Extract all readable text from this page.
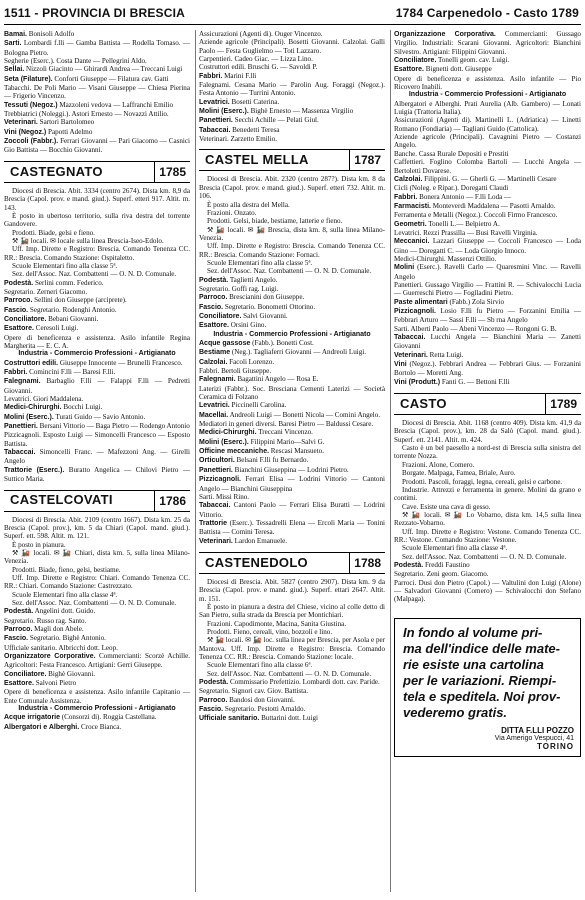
1511 - PROVINCIA DI BRESCIA	1784 Carpenedolo - Casto 1789

Bamai. Bonisoli Adolfo

Sarti. Lombardi f.lli — Gamba Battista — Rodella Tomaso. — Bologna Pietro.

Segherie (Eserc.). Costa Dante — Pellegrini Aldo.

Sellai. Nizzoli Giacinto — Ghirardi Andrea — Treccani Luigi

Seta (Filature). Conforti Giuseppe — Filatura cav. Gatti

Tabacchi. De Poli Mario — Visani Giuseppe — Chiesa Pierina — Frigerio Vincenzo.

Tessuti (Negoz.) Mazzoleni vedova — Laffranchi Emilio

Trebbiatrici (Noleggi.). Astori Ernesto — Novazzi Attilio.

Veterinari. Sartori Bartolomeo

Vini (Negoz.) Papotti Adelmo

Zoccoli (Fabbr.). Ferrari Giovanni — Pari Giacomo — Casnici Gio Battista — Bocchio Giovanni.

CASTEGNATO	1785

Diocesi di Brescia. Abit. 3334 (centro 2674). Dista km. 8,9 da Brescia (Capol. prov. e mand. giud.). Superf. etteri 917. Altit. m. 143.

È posto in ubertoso territorio, sulla riva destra del torrente Gandovere.

Prodotti. Biade, gelsi e fieno.

⚒ 🚂 locali. ✉ locale sulla linea Brescia-Iseo-Edolo.

Uff. Imp. Dirette e Registro: Brescia. Comando Tenenza CC. RR.: Brescia. Comando Stazione: Ospitaletto.

Scuole Elementari fino alla classe 5ª.

Sez. dell'Assoc. Naz. Combattenti — O. N. D. Comunale.

Podestà. Serlini comm. Federico.

Segretario. Zerneri Giacomo.

Parroco. Sellini don Giuseppe (arciprete).

Fascio. Segretario. Rodenghi Antonio.

Conciliatore. Bebani Giovanni.

Esattore. Ceresoli Luigi.

Opere di beneficenza e assistenza. Asilo infantile Regina Margherita — E. C. A.

Industria - Commercio Professioni - Artigianato

Costruttori edili. Giuseppe Innocente — Brunelli Francesco.

Fabbri. Comincini F.lli — Baresi F.lli.

Falegnami. Barbaglio F.lli — Falappi F.lli — Pedretti Giovanni.

Levatrici. Giori Maddalena.

Medici-Chirurghi. Bocchi Luigi.

Molini (Eserc.). Turati Guido — Savio Antonio.

Panettieri. Bersani Vittorio — Baga Pietro — Rodengo Antonio

Pizzicagnoli. Esposto Luigi — Simoncelli Francesco — Esposto Battista.

Tabaccai. Simoncelli Franc. — Mafezzoni Ang. — Girelli Angelo

Trattorie (Eserc.). Buratto Angelica — Chilovi Pietro — Suttico Maria.

CASTELCOVATI	1786

Diocesi di Brescia. Abit. 2109 (centro 1667). Dista km. 25 da Brescia (Capol. prov.), km. 5 da Chiari (Capol. mand. giud.). Superf. ett. 598. Altit. m. 121.

È posto in pianura.

⚒ 🚂 locali. ✉ 🚂 Chiari, dista km. 5, sulla linea Milano-Venezia.

Prodotti. Biade, fieno, gelsi, bestiame.

Uff. Imp. Dirette e Registro: Chiari. Comando Tenenza CC. RR.: Chiari. Comando Stazione: Castrezzato.

Scuole Elementari fino alla classe 4ª.

Sez. dell'Assoc. Naz. Combattenti — O. N. D. Comunale.

Podestà. Angelini dott. Guido.

Segretario. Russo rag. Santo.

Parroco. Magli don Abele.

Fascio. Segretario. Bighè Antonio.

Ufficiale sanitario. Albricchi dott. Leop.

Organizzatore Corporative. Commercianti: Scorzè Achille. Agricoltori: Festa Francesco. Artigiani: Gerri Giuseppe.

Conciliatore. Bighè Giovanni.

Esattore. Salvoni Pietro

Opere di beneficenza e assistenza. Asilo infantile Capitanio — Ente Comunale Assistenza.

Industria - Commercio Professioni - Artigianato

Acque irrigatorie (Consorzi di). Roggia Castellana.

Albergatori e Alberghi. Croce Bianca.

Assicurazioni (Agenti di). Ouger Vincenzo.

Aziende agricole (Principali). Bosetti Giovanni. Calzolai. Galli Paolo — Festa Guglielmo — Toti Lazzaro.

Carpentieri. Cadeo Giac. — Lizza Lino.

Costruttori edili. Bruschi G. — Savoldi P.

Fabbri. Marini F.lli

Falegnami. Cesana Mario — Parolin Aug. Foraggi (Negoz.). Festa Antonio — Turrini Antonio.

Levatrici. Bosetti Caterina.

Molini (Eserc.). Bighè Ernesto — Massenza Virgilio

Panettieri. Secchi Achille — Pelati Giul.

Tabaccai. Benedetti Teresa

Veterinari. Zarzetto Emilio.

CASTEL MELLA	1787

Diocesi di Brescia. Abit. 2320 (centro 287?). Dista km. 8 da Brescia (Capol. prov. e mand. giud.). Superf. etteri 732. Altit. m. 106.

È posto alla destra del Mella.

Frazioni. Onzato.

Prodotti. Gelsi, biade, bestiame, latterie e fieno.

⚒ 🚂 locali. ✉ 🚂 Brescia, dista km. 8, sulla linea Milano-Venezia.

Uff. Imp. Dirette e Registro: Brescia. Comando Tenenza CC. RR.: Brescia. Comando Stazione: Fornaci.

Scuole Elementari fino alla classe 5ª.

Sez. dell'Assoc. Naz. Combattenti — O. N. D. Comunale.

Podestà. Taglietti Angelo.

Segretario. Goffi rag. Luigi.

Parroco. Brescianini don Giuseppe.

Fascio. Segretario. Bonometti Ottorino.

Conciliatore. Salvi Giovanni.

Esattore. Orsini Gino.

Industria - Commercio Professioni - Artigianato

Acque gassose (Fabb.). Bonetti Cost.

Bestiame (Neg.). Tagliaferri Giovanni — Andreoli Luigi.

Calzolai. Facoli Lorenzo.

Fabbri. Bertoli Giuseppe.

Falegnami. Bagattini Angelo — Rosa E.

Laterizi (Fabbr.). Soc. Bresciana Cementi Laterizi — Società Ceramica di Folzano

Levatrici. Piccinelli Carolina.

Macellai. Andreoli Luigi — Bonetti Nicola — Comini Angelo.

Mediatori in generi diversi. Baresi Pietro — Baldussi Cesare.

Medici-Chirurghi. Treccani Vincenzo.

Molini (Eserc.). Filippini Mario—Salvi G.

Officine meccaniche. Rescasi Mansueto.

Orticultori. Belsani F.lli fu Bernardo.

Panettieri. Bianchini Giuseppina — Lodrini Pietro.

Pizzicagnoli. Ferrari Elisa — Lodrini Vittorio — Cantoni Angelo — Bianchini Giuseppina

Sarti. Missi Rino.

Tabaccai. Cantoni Paolo — Ferrari Elisa Buratti — Lodrini Vittorio.

Trattorie (Eserc.). Tessadrelli Elena — Ercoli Maria — Tonini Battista — Comini Teresa.

Veterinari. Lardon Emanuele.

CASTENEDOLO	1788

Diocesi di Brescia. Abit. 5827 (centro 2907). Dista km. 9 da Brescia (Capol. prov. e mand. giud.). Superf. ettari 2647. Altit. m. 151.

È posto in pianura a destra del Chiese, vicino al colle detto di San Pietro, sulla strada da Brescia per Montichiari.

Frazioni. Capodimonte, Macina, Sanita Giustina.

Prodotti. Fieno, cereali, vino, bozzoli e lino.

⚒ 🚂 locali. ✉ 🚂 loc. sulla linea per Brescia, per Asola e per Mantova. Uff. Imp. Dirette e Registro: Brescia. Comando Tenenza CC. RR.: Brescia. Comando Stazione: locale.

Scuole Elementari fino alla classe 6ª.

Sez. dell'Assoc. Naz. Combattenti — O. N. D. Comunale.

Podestà. Commissario Prefettizio. Lombardi dott. cav. Paride.

Segretario. Signori cav. Giov. Battista.

Parroco. Bandosi don Giovanni.

Fascio. Segretario. Pestotti Arnaldo.

Ufficiale sanitario. Buttarini dott. Luigi

Organizzazione Corporativa. Commercianti: Gussago Virgilio. Industriali: Scarani Giovanni. Agricoltori: Bianchini Silvestro. Artigiani: Filippini Giovanni.

Conciliatore. Tonelli geom. cav. Luigi.

Esattore. Bignetti dott. Giuseppe

Opere di beneficenza e assistenza. Asilo infantile — Pio Ricovero Inabili.

Industria - Commercio Professioni - Artigianato

Albergatori e Alberghi. Prati Aurelia (Alb. Gambero) — Lonati Luigia (Trattoria Italia).

Assicurazioni (Agenti di). Martinelli L. (Adriatica) — Linetti Romano (Fondiaria) — Tagliani Guido (Cattolica).

Aziende agricole (Principali). Cavagnini Pietro — Costanzi Angelo.

Banche. Cassa Rurale Depositi e Prestiti

Caffettieri. Foglino Colomba Bartoli — Lucchi Angela — Bertoletti Dovarese.

Calzolai. Filippini. G. — Gherli G. — Martinelli Cesare

Cicli (Noleg. e Ripar.). Doregatti Claudi

Fabbri. Bonera Antonio — F.lli Loda —

Farmacisti. Monteverdi Maddalena — Pasotti Arnaldo.

Ferramenta e Metalli (Negoz.). Coccoli Firmo Francesco.

Geometri. Tonelli L.— Belpietro A.

Levatrici. Rezzi Prassilla — Busi Ravelli Virginia.

Meccanici. Lazzari Giuseppe — Coccoli Francesco — Loda Gino — Doregatti C. — Loda Giorgio Innoco.

Medici-Chirurghi. Massenzi Ottilio.

Molini (Eserc.). Ravelli Carlo — Quaresmini Vinc. — Ravelli Angelo

Panettieri. Gussago Virgilio — Frattini R. — Schivalocchi Lucia — Guerreschi Pietro — Foglladini Pietro.

Paste alimentari (Fabb.) Zola Sirvio

Pizzicagnoli. Losio F.lli fu Pietro — Forzanini Emilia — Febbrari Arturo — Sassi F.lli — Sb rna Angelo

Sarti. Alberti Paolo — Abeni Vincenzo — Rongoni G. B.

Tabaccai. Lucchi Angela — Bianchini Maria — Zanetti Giovanni

Veterinari. Retta Luigi.

Vini (Negoz.). Febbrari Andrea — Febbrari Gius. — Forzanini Bortolo — Moretti Ang.

Vini (Produtt.) Fanti G. — Bettoni F.lli

CASTO	1789

Diocesi di Brescia. Abit. 1168 (centro 409). Dista km. 41,9 da Brescia (Capol. prov.), km. 28 da Salò (Capol. mand. giud.). Superf. ett. 2141. Altit. m. 424.

Casto è un bel paesello a nord-est di Brescia sulla sinistra del torrente Nozza.

Frazioni. Alone, Comero.

Borgate. Malpaga, Famea, Briale, Auro.

Prodotti. Pascoli, foraggi, legna, cereali, gelsi e carbone.

Industrie. Attrezzi e ferramenta in genere. Molini da grano e contimi.

Cave. Esiste una cava di gesso.

⚒ 🚂 locali. ✉ 🚂 Lo Vobarno, dista km. 14,5 sulla linea Rezzato-Vobarno.

Uff. Imp. Dirette e Registro: Vestone. Comando Tenenza CC. RR.: Vestone. Comando Stazione: Vestone.

Scuole Elementari fino alla classe 4ª.

Sez. dell'Assoc. Naz. Combattenti — O. N. D. Comunale.

Podestà. Freddi Faustino

Segretario. Zeni geom. Giacomo.

Parroci. Dusi don Pietro (Capol.) — Valtulini don Luigi (Alone) — Salvadori Giovanni (Comero) — Schivalocchi don Stefano (Malpaga).

In fondo al volume pri-
ma dell'indice delle mate-
rie esiste una cartolina
per le variazioni. Riempi-
tela e speditela. Noi prov-
vederemo gratis.
DITTA F.LLI POZZO
Via Amerigo Vespucci, 41
TORINO
